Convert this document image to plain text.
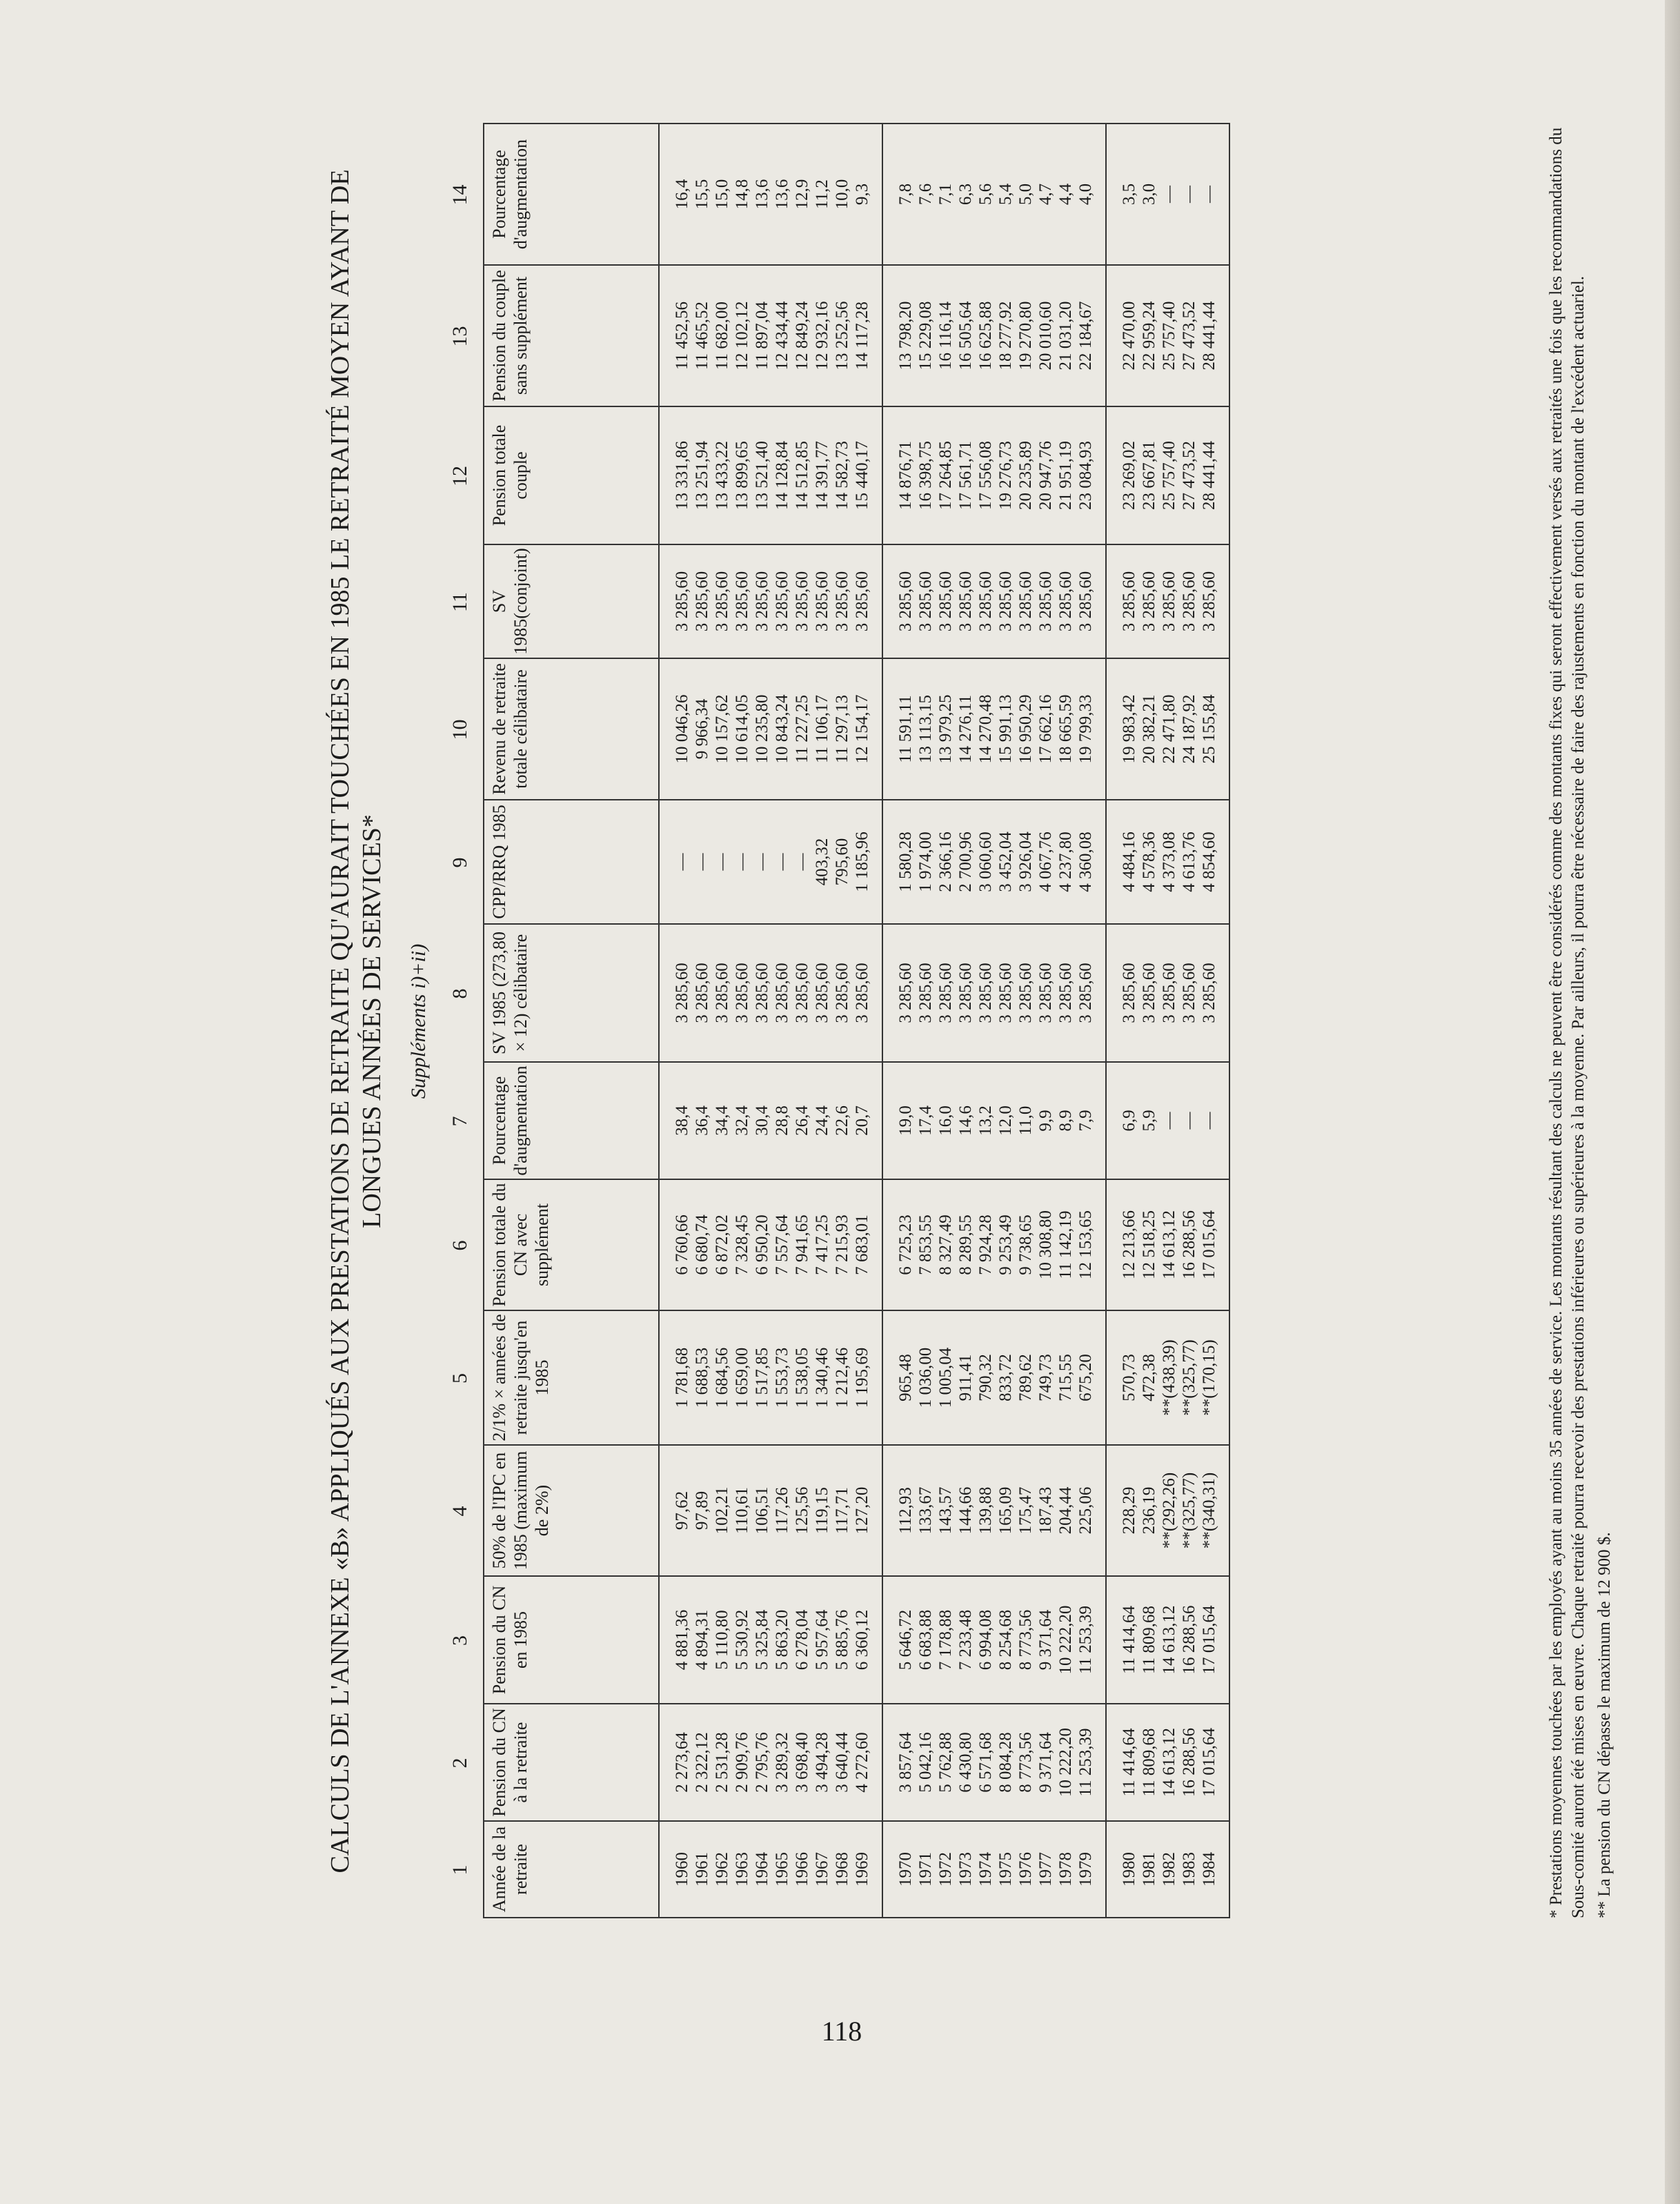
CALCULS DE L'ANNEXE «B» APPLIQUÉS AUX PRESTATIONS DE RETRAITE QU'AURAIT TOUCHÉES EN 1985 LE RETRAITÉ MOYEN AYANT DE LONGUES ANNÉES DE SERVICES* Suppléments i)+ii)
1
2
3
4
5
6
7
8
9
10
11
12
13
14
Année de la retraite	Pension du CN à la retraite	Pension du CN en 1985	50% de l'IPC en 1985 (maximum de 2%)	2/1% × années de retraite jusqu'en 1985	Pension totale du CN avec supplément	Pourcentage d'augmentation	SV 1985 (273,80 × 12) célibataire	CPP/RRQ 1985	Revenu de retraite totale célibataire	SV 1985(conjoint)	Pension totale couple	Pension du couple sans supplément	Pourcentage d'augmentation
1960	2 273,64	4 881,36	97,62	1 781,68	6 760,66	38,4	3 285,60	—	10 046,26	3 285,60	13 331,86	11 452,56	16,4
1961	2 322,12	4 894,31	97,89	1 688,53	6 680,74	36,4	3 285,60	—	9 966,34	3 285,60	13 251,94	11 465,52	15,5
1962	2 531,28	5 110,80	102,21	1 684,56	6 872,02	34,4	3 285,60	—	10 157,62	3 285,60	13 433,22	11 682,00	15,0
1963	2 909,76	5 530,92	110,61	1 659,00	7 328,45	32,4	3 285,60	—	10 614,05	3 285,60	13 899,65	12 102,12	14,8
1964	2 795,76	5 325,84	106,51	1 517,85	6 950,20	30,4	3 285,60	—	10 235,80	3 285,60	13 521,40	11 897,04	13,6
1965	3 289,32	5 863,20	117,26	1 553,73	7 557,64	28,8	3 285,60	—	10 843,24	3 285,60	14 128,84	12 434,44	13,6
1966	3 698,40	6 278,04	125,56	1 538,05	7 941,65	26,4	3 285,60	—	11 227,25	3 285,60	14 512,85	12 849,24	12,9
1967	3 494,28	5 957,64	119,15	1 340,46	7 417,25	24,4	3 285,60	403,32	11 106,17	3 285,60	14 391,77	12 932,16	11,2
1968	3 640,44	5 885,76	117,71	1 212,46	7 215,93	22,6	3 285,60	795,60	11 297,13	3 285,60	14 582,73	13 252,56	10,0
1969	4 272,60	6 360,12	127,20	1 195,69	7 683,01	20,7	3 285,60	1 185,96	12 154,17	3 285,60	15 440,17	14 117,28	9,3
1970	3 857,64	5 646,72	112,93	965,48	6 725,23	19,0	3 285,60	1 580,28	11 591,11	3 285,60	14 876,71	13 798,20	7,8
1971	5 042,16	6 683,88	133,67	1 036,00	7 853,55	17,4	3 285,60	1 974,00	13 113,15	3 285,60	16 398,75	15 229,08	7,6
1972	5 762,88	7 178,88	143,57	1 005,04	8 327,49	16,0	3 285,60	2 366,16	13 979,25	3 285,60	17 264,85	16 116,14	7,1
1973	6 430,80	7 233,48	144,66	911,41	8 289,55	14,6	3 285,60	2 700,96	14 276,11	3 285,60	17 561,71	16 505,64	6,3
1974	6 571,68	6 994,08	139,88	790,32	7 924,28	13,2	3 285,60	3 060,60	14 270,48	3 285,60	17 556,08	16 625,88	5,6
1975	8 084,28	8 254,68	165,09	833,72	9 253,49	12,0	3 285,60	3 452,04	15 991,13	3 285,60	19 276,73	18 277,92	5,4
1976	8 773,56	8 773,56	175,47	789,62	9 738,65	11,0	3 285,60	3 926,04	16 950,29	3 285,60	20 235,89	19 270,80	5,0
1977	9 371,64	9 371,64	187,43	749,73	10 308,80	9,9	3 285,60	4 067,76	17 662,16	3 285,60	20 947,76	20 010,60	4,7
1978	10 222,20	10 222,20	204,44	715,55	11 142,19	8,9	3 285,60	4 237,80	18 665,59	3 285,60	21 951,19	21 031,20	4,4
1979	11 253,39	11 253,39	225,06	675,20	12 153,65	7,9	3 285,60	4 360,08	19 799,33	3 285,60	23 084,93	22 184,67	4,0
1980	11 414,64	11 414,64	228,29	570,73	12 213,66	6,9	3 285,60	4 484,16	19 983,42	3 285,60	23 269,02	22 470,00	3,5
1981	11 809,68	11 809,68	236,19	472,38	12 518,25	5,9	3 285,60	4 578,36	20 382,21	3 285,60	23 667,81	22 959,24	3,0
1982	14 613,12	14 613,12	**(292,26)	**(438,39)	14 613,12	—	3 285,60	4 373,08	22 471,80	3 285,60	25 757,40	25 757,40	—
1983	16 288,56	16 288,56	**(325,77)	**(325,77)	16 288,56	—	3 285,60	4 613,76	24 187,92	3 285,60	27 473,52	27 473,52	—
1984	17 015,64	17 015,64	**(340,31)	**(170,15)	17 015,64	—	3 285,60	4 854,60	25 155,84	3 285,60	28 441,44	28 441,44	—	* Prestations moyennes touchées par les employés ayant au moins 35 années de service. Les montants résultant des calculs ne peuvent être considérés comme des montants fixes qui seront effectivement versés aux retraités une fois que les recommandations du Sous-comité auront été mises en œuvre. Chaque retraité pourra recevoir des prestations inférieures ou supérieures à la moyenne. Par ailleurs, il pourra être nécessaire de faire des rajustements en fonction du montant de l'excédent actuariel. ** La pension du CN dépasse le maximum de 12 900 $.

118
